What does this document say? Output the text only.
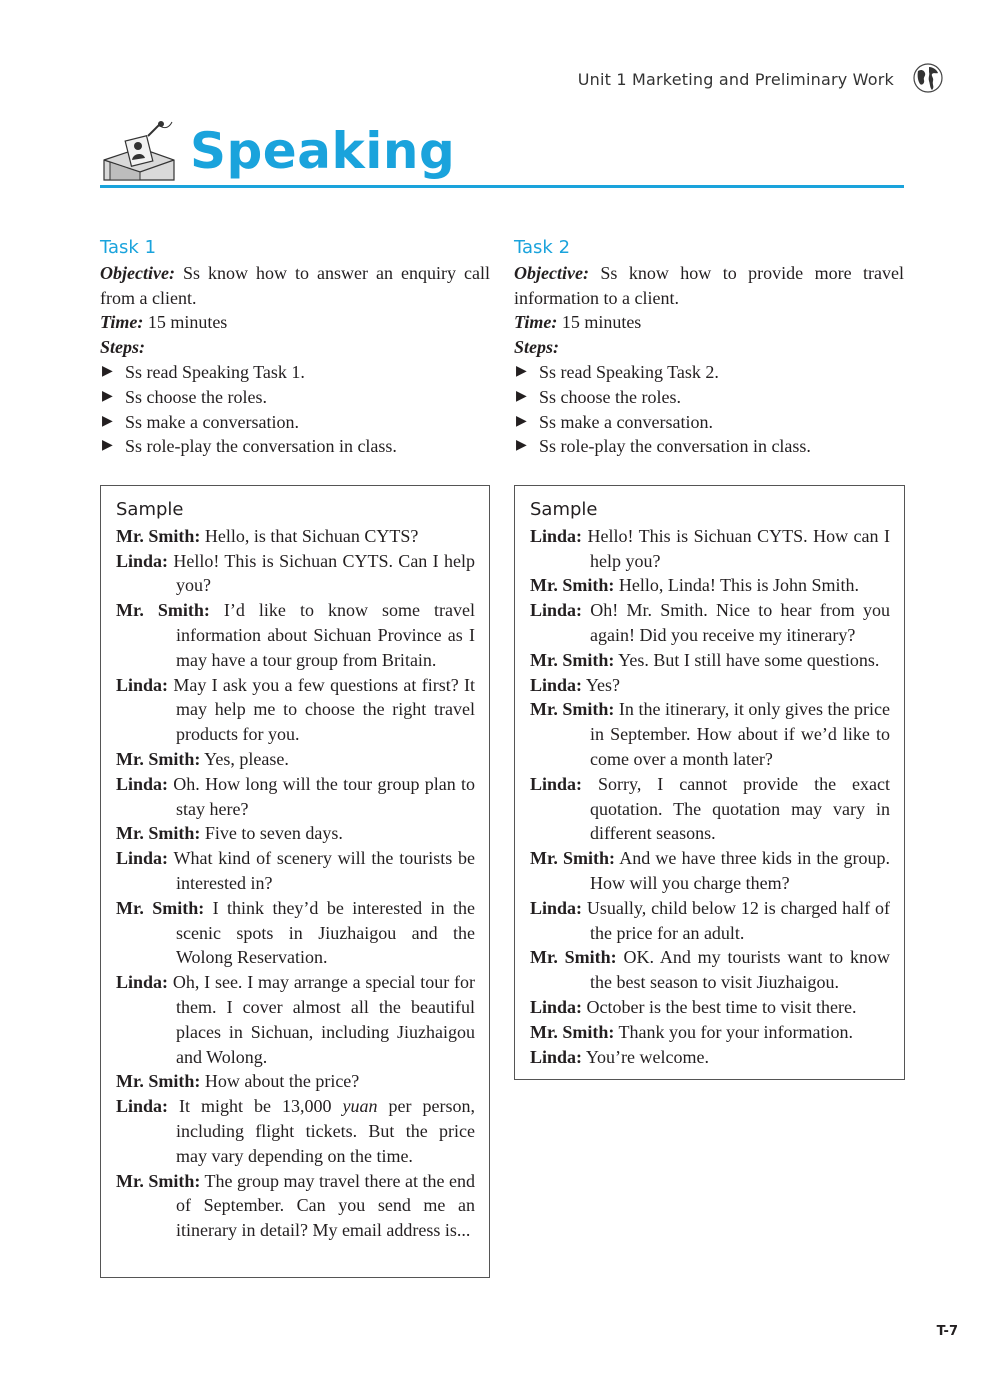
Unit 1 Marketing and Preliminary Work
Speaking
Task 1

Objective: Ss know how to answer an enquiry call from a client.

Time: 15 minutes

Steps:

▶ Ss read Speaking Task 1.
▶ Ss choose the roles.
▶ Ss make a conversation.
▶ Ss role-play the conversation in class.
Task 2

Objective: Ss know how to provide more travel information to a client.

Time: 15 minutes

Steps:

▶ Ss read Speaking Task 2.
▶ Ss choose the roles.
▶ Ss make a conversation.
▶ Ss role-play the conversation in class.
Sample
Mr. Smith: Hello, is that Sichuan CYTS?
Linda: Hello! This is Sichuan CYTS. Can I help you?
Mr. Smith: I’d like to know some travel information about Sichuan Province as I may have a tour group from Britain.
Linda: May I ask you a few questions at first? It may help me to choose the right travel products for you.
Mr. Smith: Yes, please.
Linda: Oh. How long will the tour group plan to stay here?
Mr. Smith: Five to seven days.
Linda: What kind of scenery will the tourists be interested in?
Mr. Smith: I think they’d be interested in the scenic spots in Jiuzhaigou and the Wolong Reservation.
Linda: Oh, I see. I may arrange a special tour for them. I cover almost all the beautiful places in Sichuan, including Jiuzhaigou and Wolong.
Mr. Smith: How about the price?
Linda: It might be 13,000 yuan per person, including flight tickets. But the price may vary depending on the time.
Mr. Smith: The group may travel there at the end of September. Can you send me an itinerary in detail? My email address is...
Sample
Linda: Hello! This is Sichuan CYTS. How can I help you?
Mr. Smith: Hello, Linda! This is John Smith.
Linda: Oh! Mr. Smith. Nice to hear from you again! Did you receive my itinerary?
Mr. Smith: Yes. But I still have some questions.
Linda: Yes?
Mr. Smith: In the itinerary, it only gives the price in September. How about if we’d like to come over a month later?
Linda: Sorry, I cannot provide the exact quotation. The quotation may vary in different seasons.
Mr. Smith: And we have three kids in the group. How will you charge them?
Linda: Usually, child below 12 is charged half of the price for an adult.
Mr. Smith: OK. And my tourists want to know the best season to visit Jiuzhaigou.
Linda: October is the best time to visit there.
Mr. Smith: Thank you for your information.
Linda: You’re welcome.
T-7
